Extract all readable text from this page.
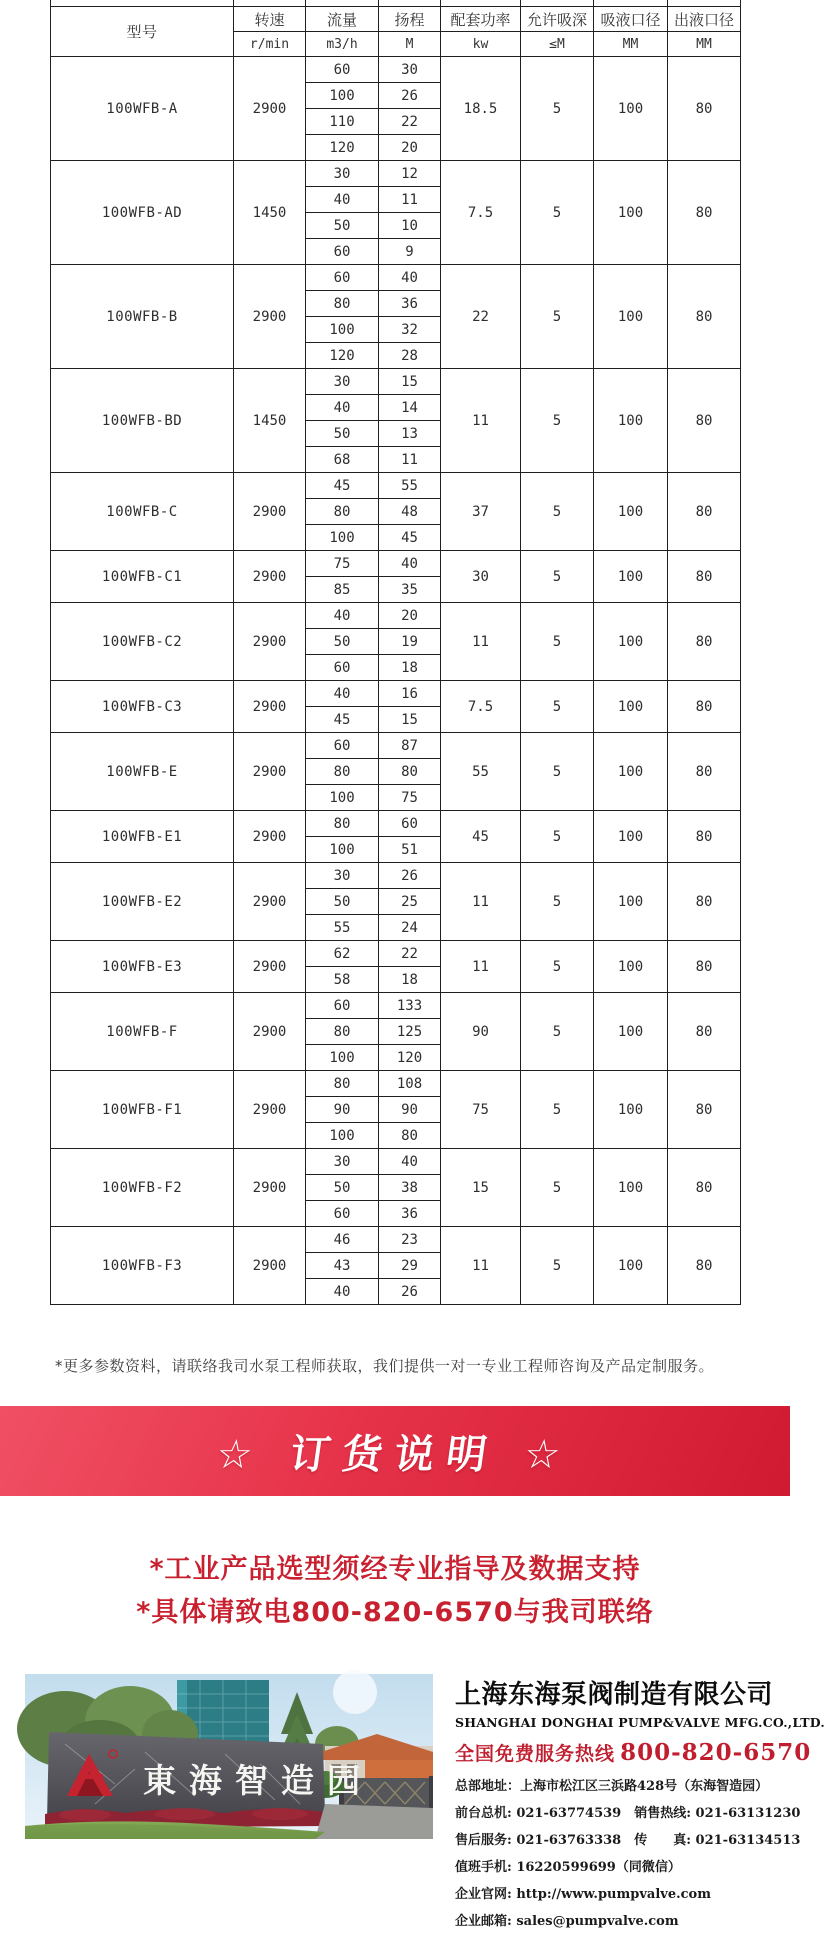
型号	转速	流量	扬程	配套功率	允许吸深	吸液口径	出液口径
	r/min	m3/h	M	kw	≤M	MM	MM
100WFB-A	2900	60	30	18.5	5	100	80
		100	26				
		110	22				
		120	20				
100WFB-AD	1450	30	12	7.5	5	100	80
		40	11				
		50	10				
		60	9				
100WFB-B	2900	60	40	22	5	100	80
		80	36				
		100	32				
		120	28				
100WFB-BD	1450	30	15	11	5	100	80
		40	14				
		50	13				
		68	11				
100WFB-C	2900	45	55	37	5	100	80
		80	48				
		100	45				
100WFB-C1	2900	75	40	30	5	100	80
		85	35				
100WFB-C2	2900	40	20	11	5	100	80
		50	19				
		60	18				
100WFB-C3	2900	40	16	7.5	5	100	80
		45	15				
100WFB-E	2900	60	87	55	5	100	80
		80	80				
		100	75				
100WFB-E1	2900	80	60	45	5	100	80
		100	51				
100WFB-E2	2900	30	26	11	5	100	80
		50	25				
		55	24				
100WFB-E3	2900	62	22	11	5	100	80
		58	18				
100WFB-F	2900	60	133	90	5	100	80
		80	125				
		100	120				
100WFB-F1	2900	80	108	75	5	100	80
		90	90				
		100	80				
100WFB-F2	2900	30	40	15	5	100	80
		50	38				
		60	36				
100WFB-F3	2900	46	23	11	5	100	80
		43	29				
		40	26				
*更多参数资料，请联络我司水泵工程师获取，我们提供一对一专业工程师咨询及产品定制服务。
☆ 订货说明 ☆
*工业产品选型须经专业指导及数据支持
*具体请致电800-820-6570与我司联络
東海智造园
上海东海泵阀制造有限公司
SHANGHAI DONGHAI PUMP&VALVE MFG.CO.,LTD.
全国免费服务热线 800-820-6570
总部地址：上海市松江区三浜路428号（东海智造园）
前台总机: 021-63774539　销售热线: 021-63131230
售后服务: 021-63763338　传　　真: 021-63134513
值班手机: 16220599699（同微信）
企业官网: http://www.pumpvalve.com
企业邮箱: sales@pumpvalve.com
